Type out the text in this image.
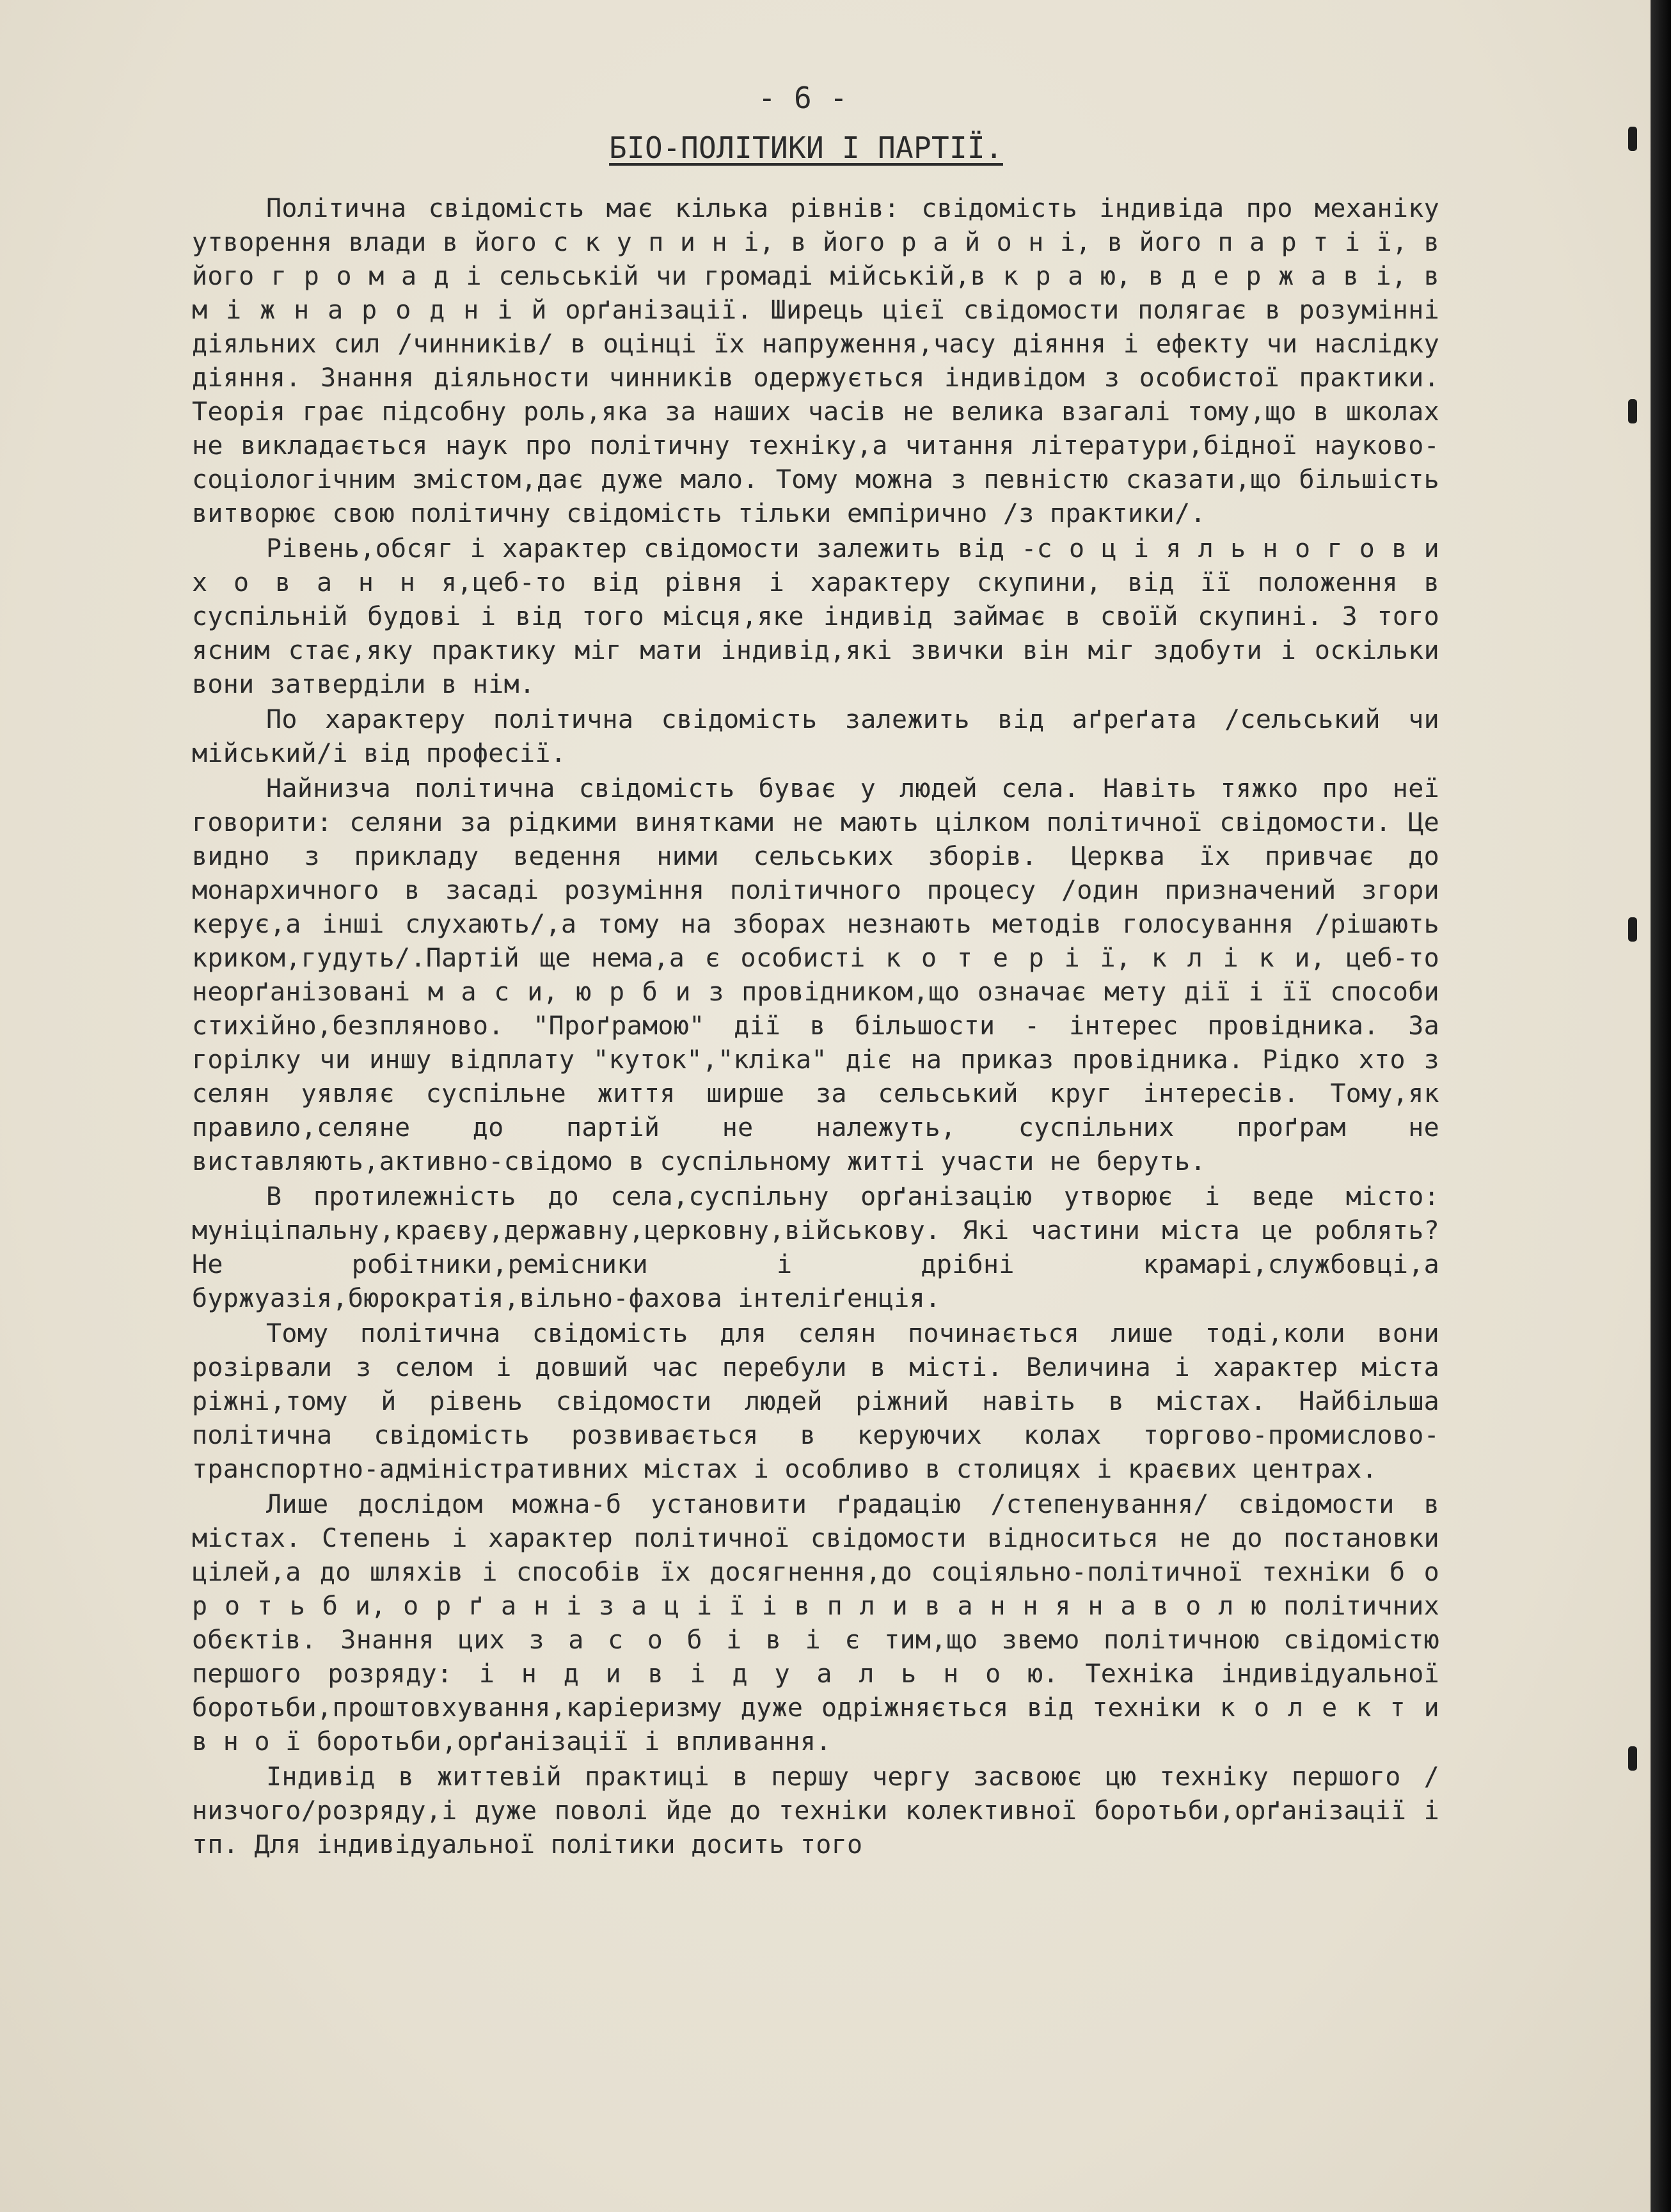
- 6 -

БІО-ПОЛІТИКИ І ПАРТІЇ.

Політична свідомість має кілька рівнів: свідомість індивіда про механіку утворення влади в його с к у п и н і, в його р а й о н і, в його п а р т і ї, в його г р о м а д і сельській чи громаді мійській,в к р а ю, в д е р ж а в і, в м і ж н а р о д н і й орґанізації. Ширець цієї свідомости полягає в розумінні діяльних сил /чинників/ в оцінці їх напруження,часу діяння і ефекту чи наслідку діяння. Знання діяльности чинників одержується індивідом з особистої практики. Теорія грає підсобну роль,яка за наших часів не велика взагалі тому,що в школах не викладається наук про політичну техніку,а читання літератури,бідної науково-соціологічним змістом,дає дуже мало. Тому можна з певністю сказати,що більшість витворює свою політичну свідомість тільки емпірично /з практики/.

Рівень,обсяг і характер свідомости залежить від -с о ц і я л ь н о г о в и х о в а н н я,цеб-то від рівня і характеру скупини, від її положення в суспільній будові і від того місця,яке індивід займає в своїй скупині. З того ясним стає,яку практику міг мати індивід,які звички він міг здобути і оскільки вони затверділи в нім.

По характеру політична свідомість залежить від аґреґата /сельський чи мійський/і від професії.

Найнизча політична свідомість буває у людей села. Навіть тяжко про неї говорити: селяни за рідкими винятками не мають цілком політичної свідомости. Це видно з прикладу ведення ними сельських зборів. Церква їх привчає до монархичного в засаді розуміння політичного процесу /один призначений згори керує,а інші слухають/,а тому на зборах незнають методів голосування /рішають криком,гудуть/.Партій ще нема,а є особисті к о т е р і ї, к л і к и, цеб-то неорґанізовані м а с и, ю р б и з провідником,що означає мету дії і її способи стихійно,безпляново. "Проґрамою" дії в більшости - інтерес провідника. За горілку чи иншу відплату "куток","кліка" діє на приказ провідника. Рідко хто з селян уявляє суспільне життя ширше за сельський круг інтересів. Тому,як правило,селяне до партій не належуть, суспільних проґрам не виставляють,активно-свідомо в суспільному житті участи не беруть.

В протилежність до села,суспільну орґанізацію утворює і веде місто: муніціпальну,краєву,державну,церковну,військову. Які частини міста це роблять? Не робітники,ремісники і дрібні крамарі,службовці,а буржуазія,бюрократія,вільно-фахова інтеліґенція.

Тому політична свідомість для селян починається лише тоді,коли вони розірвали з селом і довший час перебули в місті. Величина і характер міста ріжні,тому й рівень свідомости людей ріжний навіть в містах. Найбільша політична свідомість розвивається в керуючих колах торгово-промислово-транспортно-адміністративних містах і особливо в столицях і краєвих центрах.

Лише дослідом можна-б установити ґрадацію /степенування/ свідомости в містах. Степень і характер політичної свідомости відноситься не до постановки цілей,а до шляхів і способів їх досягнення,до соціяльно-політичної техніки б о р о т ь б и, о р ґ а н і з а ц і ї і в п л и в а н н я н а в о л ю політичних обєктів. Знання цих з а с о б і в і є тим,що звемо політичною свідомістю першого розряду: і н д и в і д у а л ь н о ю. Техніка індивідуальної боротьби,проштовхування,каріеризму дуже одріжняється від техніки к о л е к т и в н о ї боротьби,орґанізації і впливання.

Індивід в життевій практиці в першу чергу засвоює цю техніку першого /низчого/розряду,і дуже поволі йде до техніки колективної боротьби,орґанізації і тп. Для індивідуальної політики досить того
